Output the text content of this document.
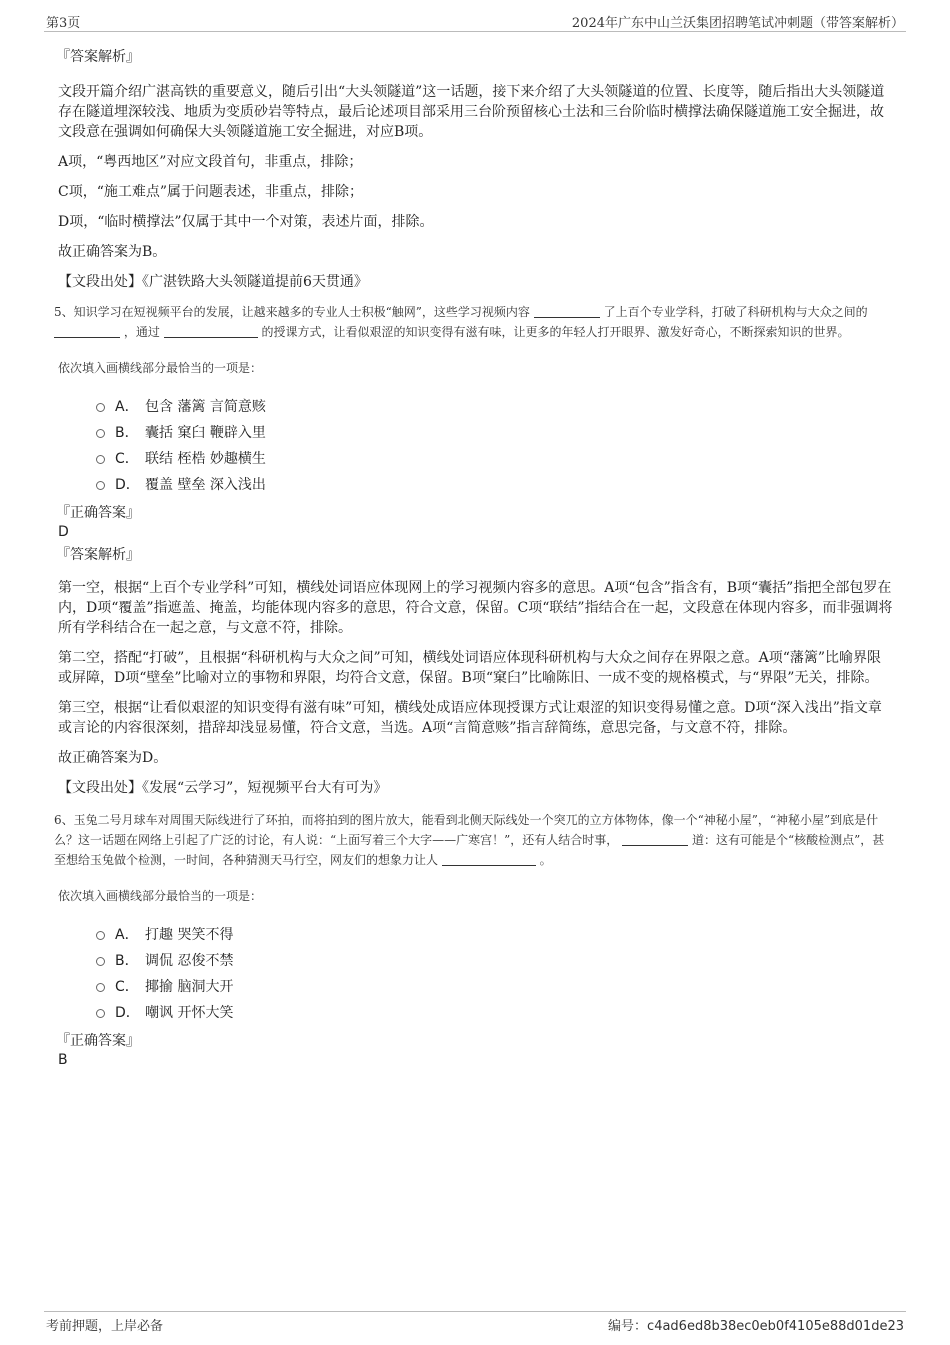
第3页	2024年广东中山兰沃集团招聘笔试冲刺题（带答案解析）

『答案解析』

文段开篇介绍广湛高铁的重要意义，随后引出“大头领隧道”这一话题，接下来介绍了大头领隧道的位置、长度等，随后指出大头领隧道存在隧道埋深较浅、地质为变质砂岩等特点，最后论述项目部采用三台阶预留核心土法和三台阶临时横撑法确保隧道施工安全掘进，故文段意在强调如何确保大头领隧道施工安全掘进，对应B项。

A项，“粤西地区”对应文段首句，非重点，排除；

C项，“施工难点”属于问题表述，非重点，排除；

D项，“临时横撑法”仅属于其中一个对策，表述片面，排除。

故正确答案为B。

【文段出处】《广湛铁路大头领隧道提前6天贯通》

5、知识学习在短视频平台的发展，让越来越多的专业人士积极“触网”，这些学习视频内容	了上百个专业学科，打破了科研机构与大众之间的  ，通过	的授课方式，让看似艰涩的知识变得有滋有味，让更多的年轻人打开眼界、激发好奇心，不断探索知识的世界。

依次填入画横线部分最恰当的一项是：

A． 包含 藩篱 言简意赅
B． 囊括 窠臼 鞭辟入里
C． 联结 桎梏 妙趣横生
D． 覆盖 壁垒 深入浅出

『正确答案』

D

『答案解析』

第一空，根据“上百个专业学科”可知，横线处词语应体现网上的学习视频内容多的意思。A项“包含”指含有，B项“囊括”指把全部包罗在内，D项“覆盖”指遮盖、掩盖，均能体现内容多的意思，符合文意，保留。C项“联结”指结合在一起，文段意在体现内容多，而非强调将所有学科结合在一起之意，与文意不符，排除。

第二空，搭配“打破”，且根据“科研机构与大众之间”可知，横线处词语应体现科研机构与大众之间存在界限之意。A项“藩篱”比喻界限或屏障，D项“壁垒”比喻对立的事物和界限，均符合文意，保留。B项“窠臼”比喻陈旧、一成不变的规格模式，与“界限”无关，排除。

第三空，根据“让看似艰涩的知识变得有滋有味”可知，横线处成语应体现授课方式让艰涩的知识变得易懂之意。D项“深入浅出”指文章或言论的内容很深刻，措辞却浅显易懂，符合文意，当选。A项“言简意赅”指言辞简练，意思完备，与文意不符，排除。

故正确答案为D。

【文段出处】《发展“云学习”，短视频平台大有可为》

6、玉兔二号月球车对周围天际线进行了环拍，而将拍到的图片放大，能看到北侧天际线处一个突兀的立方体物体，像一个“神秘小屋”，“神秘小屋”到底是什么？这一话题在网络上引起了广泛的讨论，有人说：“上面写着三个大字——广寒宫！”，还有人结合时事，	道：这有可能是个“核酸检测点”，甚至想给玉兔做个检测，一时间，各种猜测天马行空，网友们的想象力让人	。

依次填入画横线部分最恰当的一项是：

A． 打趣 哭笑不得
B． 调侃 忍俊不禁
C． 揶揄 脑洞大开
D． 嘲讽 开怀大笑

『正确答案』

B

考前押题，上岸必备	编号：c4ad6ed8b38ec0eb0f4105e88d01de23
